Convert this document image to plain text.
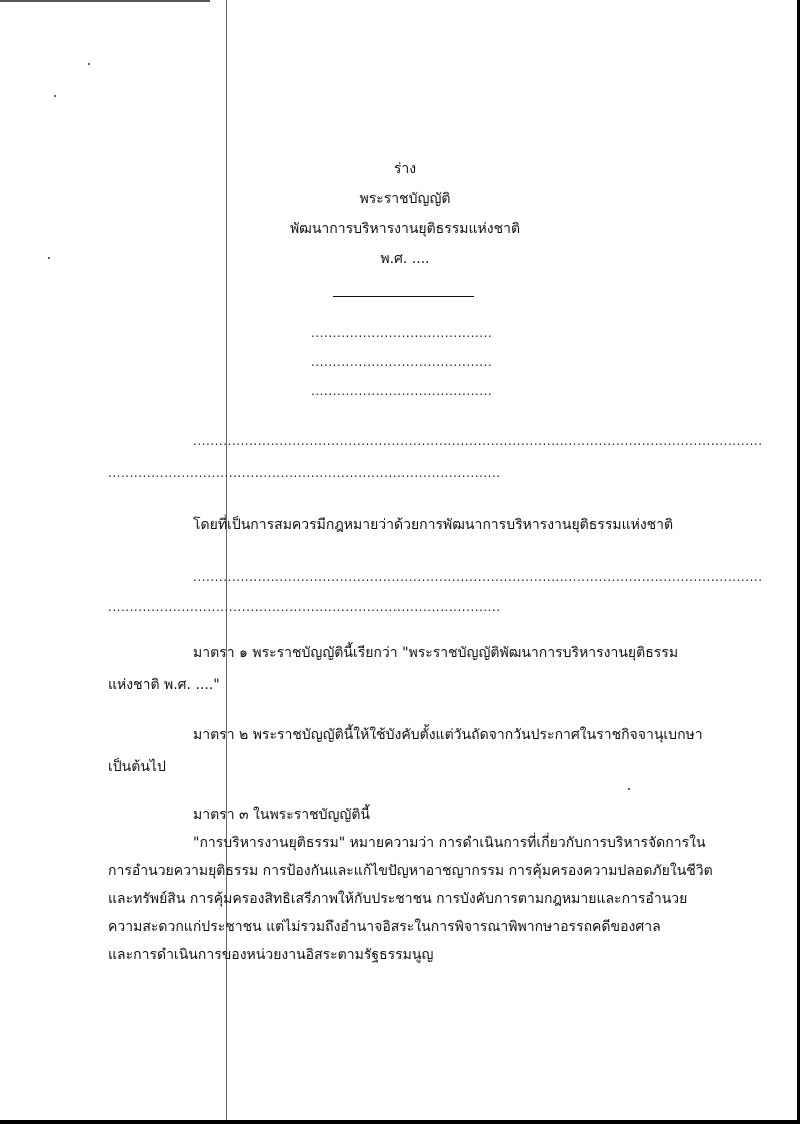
ร่าง
พระราชบัญญัติ
พัฒนาการบริหารงานยุติธรรมแห่งชาติ
พ.ศ. ....
..........................................
..........................................
..........................................
....................................................................................................................................
...........................................................................................
โดยที่เป็นการสมควรมีกฎหมายว่าด้วยการพัฒนาการบริหารงานยุติธรรมแห่งชาติ
....................................................................................................................................
...........................................................................................
มาตรา ๑ พระราชบัญญัตินี้เรียกว่า "พระราชบัญญัติพัฒนาการบริหารงานยุติธรรม
แห่งชาติ พ.ศ. ...."
มาตรา ๒ พระราชบัญญัตินี้ให้ใช้บังคับตั้งแต่วันถัดจากวันประกาศในราชกิจจานุเบกษา
เป็นต้นไป
มาตรา ๓ ในพระราชบัญญัตินี้
"การบริหารงานยุติธรรม" หมายความว่า การดำเนินการที่เกี่ยวกับการบริหารจัดการใน
การอำนวยความยุติธรรม การป้องกันและแก้ไขปัญหาอาชญากรรม การคุ้มครองความปลอดภัยในชีวิต
และทรัพย์สิน การคุ้มครองสิทธิเสรีภาพให้กับประชาชน การบังคับการตามกฎหมายและการอำนวย
ความสะดวกแก่ประชาชน แต่ไม่รวมถึงอำนาจอิสระในการพิจารณาพิพากษาอรรถคดีของศาล
และการดำเนินการของหน่วยงานอิสระตามรัฐธรรมนูญ
